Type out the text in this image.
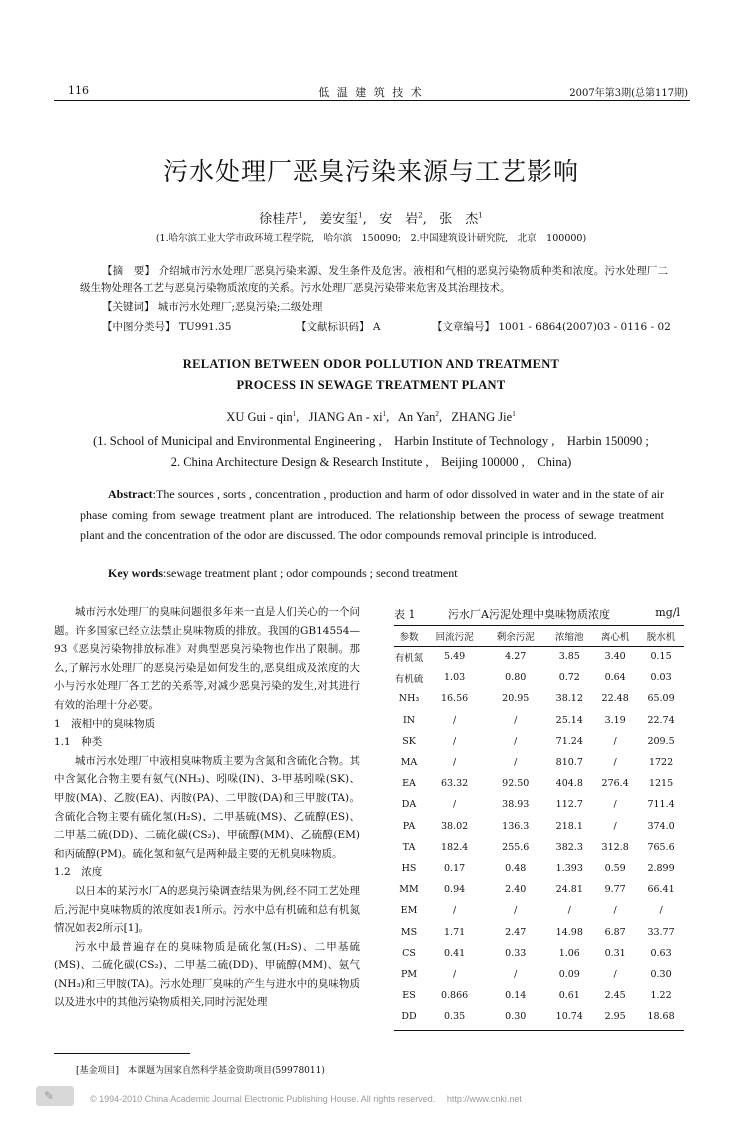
116	低 温 建 筑 技 术	2007年第3期(总第117期)
污水处理厂恶臭污染来源与工艺影响
徐桂芹$^1$,   姜安玺$^1$,   安　岩$^2$,   张　杰$^1$
(1.哈尔滨工业大学市政环境工程学院,　哈尔滨　150090;　2.中国建筑设计研究院,　北京　100000)
【摘　要】 介绍城市污水处理厂恶臭污染来源、发生条件及危害。液相和气相的恶臭污染物质种类和浓度。污水处理厂二级生物处理各工艺与恶臭污染物质浓度的关系。污水处理厂恶臭污染带来危害及其治理技术。
【关键词】 城市污水处理厂;恶臭污染;二级处理
【中图分类号】 TU991.35	【文献标识码】 A	【文章编号】 1001 - 6864(2007)03 - 0116 - 02
RELATION BETWEEN ODOR POLLUTION AND TREATMENT
PROCESS IN SEWAGE TREATMENT PLANT
XU Gui - qin$^1$,   JIANG An - $xi^1$,   An Yan$^2$,   ZHANG Jie$^1$
(1. School of Municipal and Environmental Engineering ,　Harbin Institute of Technology ,　Harbin 150090 ;
2. China Architecture Design & Research Institute ,　Beijing 100000 ,　China)
Abstract:The sources , sorts , concentration , production and harm of odor dissolved in water and in the state of air phase coming from sewage treatment plant are introduced. The relationship between the process of sewage treatment plant and the concentration of the odor are discussed. The odor compounds removal principle is introduced.
Key words:sewage treatment plant ; odor compounds ; second treatment

城市污水处理厂的臭味问题很多年来一直是人们关心的一个问题。许多国家已经立法禁止臭味物质的排放。我国的GB14554—93《恶臭污染物排放标准》对典型恶臭污染物也作出了限制。那么,了解污水处理厂的恶臭污染是如何发生的,恶臭组成及浓度的大小与污水处理厂各工艺的关系等,对减少恶臭污染的发生,对其进行有效的治理十分必要。

1　液相中的臭味物质

1.1　种类

城市污水处理厂中液相臭味物质主要为含氮和含硫化合物。其中含氮化合物主要有氨气(NH₃)、吲哚(IN)、3-甲基吲哚(SK)、甲胺(MA)、乙胺(EA)、丙胺(PA)、二甲胺(DA)和三甲胺(TA)。含硫化合物主要有硫化氢(H₂S)、二甲基硫(MS)、乙硫醇(ES)、二甲基二硫(DD)、二硫化碳(CS₂)、甲硫醇(MM)、乙硫醇(EM)和丙硫醇(PM)。硫化氢和氨气是两种最主要的无机臭味物质。

1.2　浓度

以日本的某污水厂A的恶臭污染调查结果为例,经不同工艺处理后,污泥中臭味物质的浓度如表1所示。污水中总有机硫和总有机氮情况如表2所示[1]。

污水中最普遍存在的臭味物质是硫化氢(H₂S)、二甲基硫(MS)、二硫化碳(CS₂)、二甲基二硫(DD)、甲硫醇(MM)、氨气(NH₃)和三甲胺(TA)。污水处理厂臭味的产生与进水中的臭味物质以及进水中的其他污染物质相关,同时污泥处理

表 1	污水厂A污泥处理中臭味物质浓度	mg/l
参数	回流污泥	剩余污泥	浓缩池	离心机	脱水机
有机氮	5.49	4.27	3.85	3.40	0.15
有机硫	1.03	0.80	0.72	0.64	0.03
NH₃	16.56	20.95	38.12	22.48	65.09
IN	/	/	25.14	3.19	22.74
SK	/	/	71.24	/	209.5
MA	/	/	810.7	/	1722
EA	63.32	92.50	404.8	276.4	1215
DA	/	38.93	112.7	/	711.4
PA	38.02	136.3	218.1	/	374.0
TA	182.4	255.6	382.3	312.8	765.6
HS	0.17	0.48	1.393	0.59	2.899
MM	0.94	2.40	24.81	9.77	66.41
EM	/	/	/	/	/
MS	1.71	2.47	14.98	6.87	33.77
CS	0.41	0.33	1.06	0.31	0.63
PM	/	/	0.09	/	0.30
ES	0.866	0.14	0.61	2.45	1.22
DD	0.35	0.30	10.74	2.95	18.68
[基金项目]　本课题为国家自然科学基金资助项目(59978011)
✎	© 1994-2010 China Academic Journal Electronic Publishing House. All rights reserved.　 http://www.cnki.net
